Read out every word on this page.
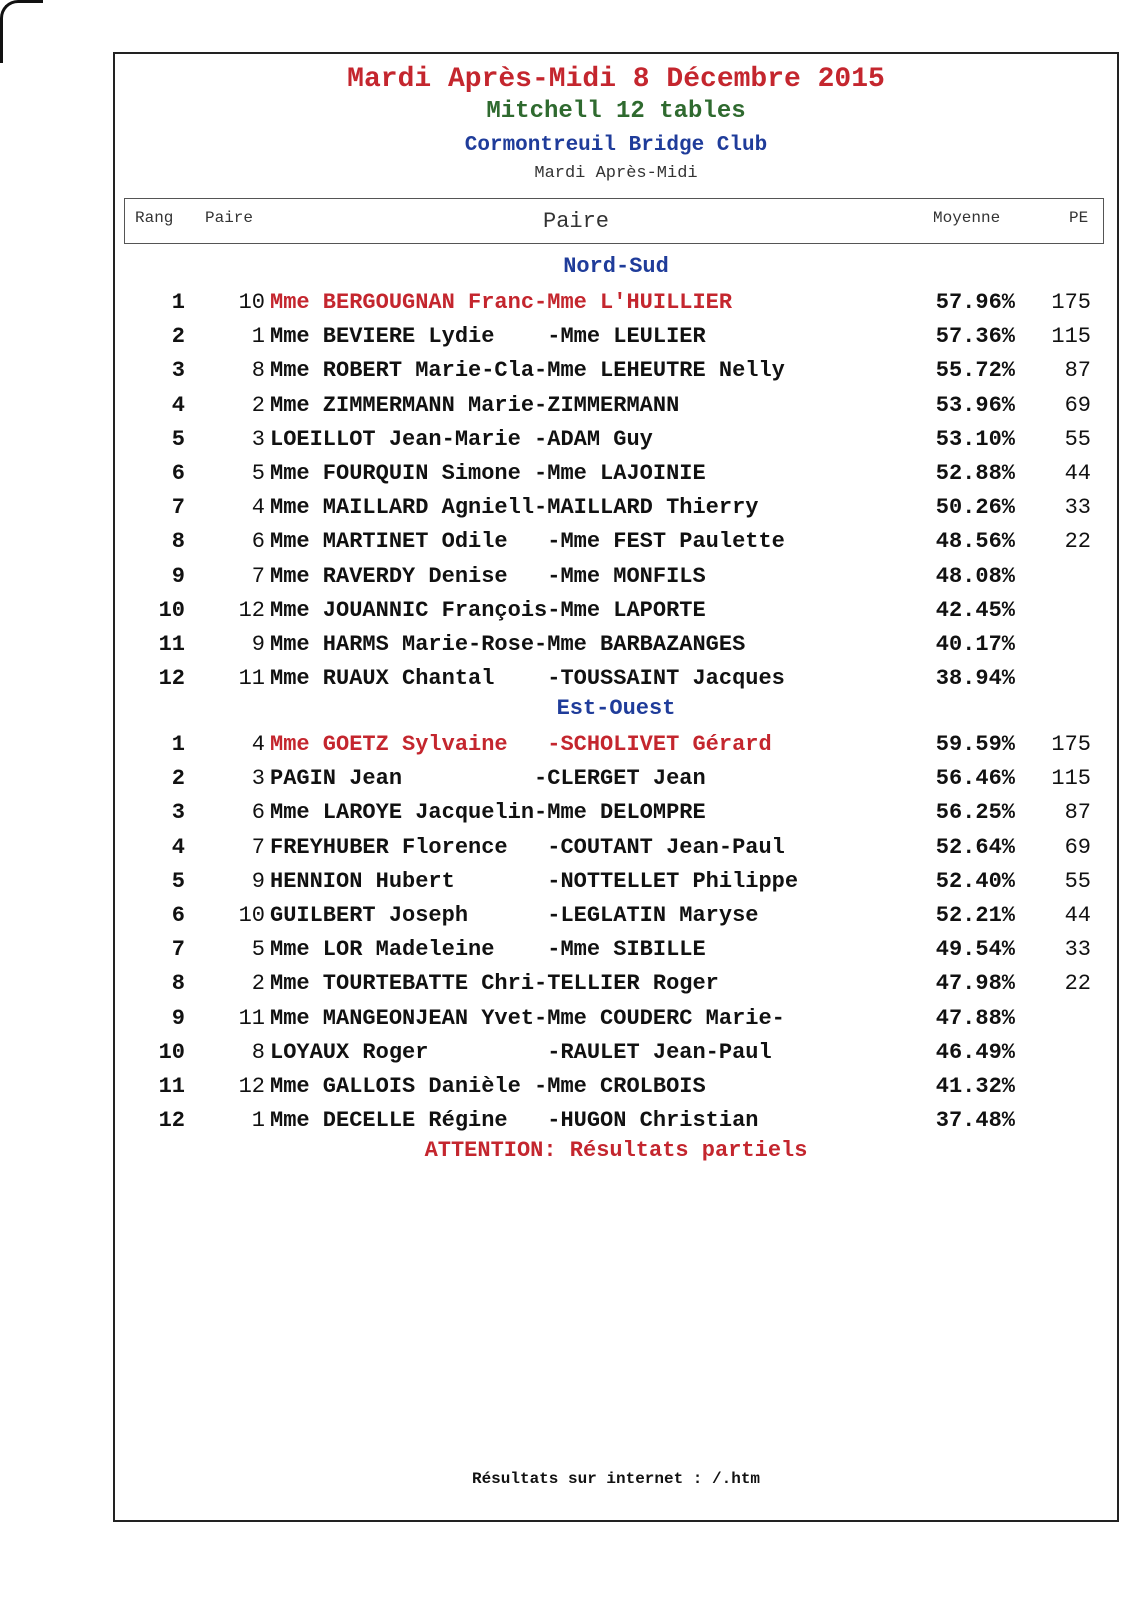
Mardi Après-Midi 8 Décembre 2015
Mitchell 12 tables
Cormontreuil Bridge Club
Mardi Après-Midi
Rang Paire	Paire	Moyenne	PE
Nord-Sud
1	10 Mme BERGOUGNAN Franc-Mme L'HUILLIER	57.96%	175
2	1 Mme BEVIERE Lydie    -Mme LEULIER	57.36%	115
3	8 Mme ROBERT Marie-Cla-Mme LEHEUTRE Nelly	55.72%	87
4	2 Mme ZIMMERMANN Marie-ZIMMERMANN	53.96%	69
5	3 LOEILLOT Jean-Marie -ADAM Guy	53.10%	55
6	5 Mme FOURQUIN Simone -Mme LAJOINIE	52.88%	44
7	4 Mme MAILLARD Agniell-MAILLARD Thierry	50.26%	33
8	6 Mme MARTINET Odile   -Mme FEST Paulette	48.56%	22
9	7 Mme RAVERDY Denise   -Mme MONFILS	48.08%
10	12 Mme JOUANNIC François-Mme LAPORTE	42.45%
11	9 Mme HARMS Marie-Rose-Mme BARBAZANGES	40.17%
12	11 Mme RUAUX Chantal    -TOUSSAINT Jacques	38.94%
Est-Ouest
1	4 Mme GOETZ Sylvaine   -SCHOLIVET Gérard	59.59%	175
2	3 PAGIN Jean          -CLERGET Jean	56.46%	115
3	6 Mme LAROYE Jacquelin-Mme DELOMPRE	56.25%	87
4	7 FREYHUBER Florence   -COUTANT Jean-Paul	52.64%	69
5	9 HENNION Hubert       -NOTTELLET Philippe	52.40%	55
6	10 GUILBERT Joseph      -LEGLATIN Maryse	52.21%	44
7	5 Mme LOR Madeleine    -Mme SIBILLE	49.54%	33
8	2 Mme TOURTEBATTE Chri-TELLIER Roger	47.98%	22
9	11 Mme MANGEONJEAN Yvet-Mme COUDERC Marie-	47.88%
10	8 LOYAUX Roger         -RAULET Jean-Paul	46.49%
11	12 Mme GALLOIS Danièle -Mme CROLBOIS	41.32%
12	1 Mme DECELLE Régine   -HUGON Christian	37.48%
ATTENTION: Résultats partiels
Résultats sur internet : /.htm
